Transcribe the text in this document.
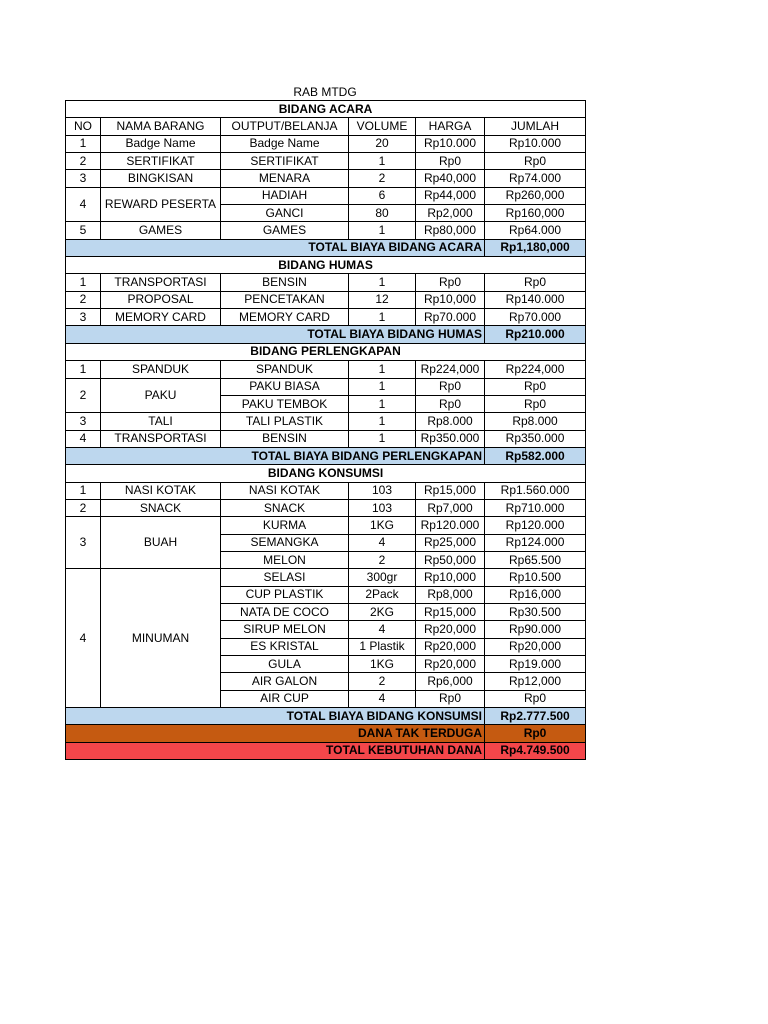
RAB MTDG
BIDANG ACARA					
NO	NAMA BARANG	OUTPUT/BELANJA	VOLUME	HARGA	JUMLAH
1	Badge Name	Badge Name	20	Rp10.000	Rp10.000
2	SERTIFIKAT	SERTIFIKAT	1	Rp0	Rp0
3	BINGKISAN	MENARA	2	Rp40,000	Rp74.000
4	REWARD PESERTA	HADIAH	6	Rp44,000	Rp260,000
		GANCI	80	Rp2,000	Rp160,000
5	GAMES	GAMES	1	Rp80,000	Rp64.000
TOTAL BIAYA BIDANG ACARA					Rp1,180,000
BIDANG HUMAS					
1	TRANSPORTASI	BENSIN	1	Rp0	Rp0
2	PROPOSAL	PENCETAKAN	12	Rp10,000	Rp140.000
3	MEMORY CARD	MEMORY CARD	1	Rp70.000	Rp70.000
TOTAL BIAYA BIDANG HUMAS					Rp210.000
BIDANG PERLENGKAPAN					
1	SPANDUK	SPANDUK	1	Rp224,000	Rp224,000
2	PAKU	PAKU BIASA	1	Rp0	Rp0
		PAKU TEMBOK	1	Rp0	Rp0
3	TALI	TALI PLASTIK	1	Rp8.000	Rp8.000
4	TRANSPORTASI	BENSIN	1	Rp350.000	Rp350.000
TOTAL BIAYA BIDANG PERLENGKAPAN					Rp582.000
BIDANG KONSUMSI					
1	NASI KOTAK	NASI KOTAK	103	Rp15,000	Rp1.560.000
2	SNACK	SNACK	103	Rp7,000	Rp710.000
3	BUAH	KURMA	1KG	Rp120.000	Rp120.000
		SEMANGKA	4	Rp25,000	Rp124.000
		MELON	2	Rp50,000	Rp65.500
4	MINUMAN	SELASI	300gr	Rp10,000	Rp10.500
		CUP PLASTIK	2Pack	Rp8,000	Rp16,000
		NATA DE COCO	2KG	Rp15,000	Rp30.500
		SIRUP MELON	4	Rp20,000	Rp90.000
		ES KRISTAL	1 Plastik	Rp20,000	Rp20,000
		GULA	1KG	Rp20,000	Rp19.000
		AIR GALON	2	Rp6,000	Rp12,000
		AIR CUP	4	Rp0	Rp0
TOTAL BIAYA BIDANG KONSUMSI					Rp2.777.500
DANA TAK TERDUGA					Rp0
TOTAL KEBUTUHAN DANA					Rp4.749.500
